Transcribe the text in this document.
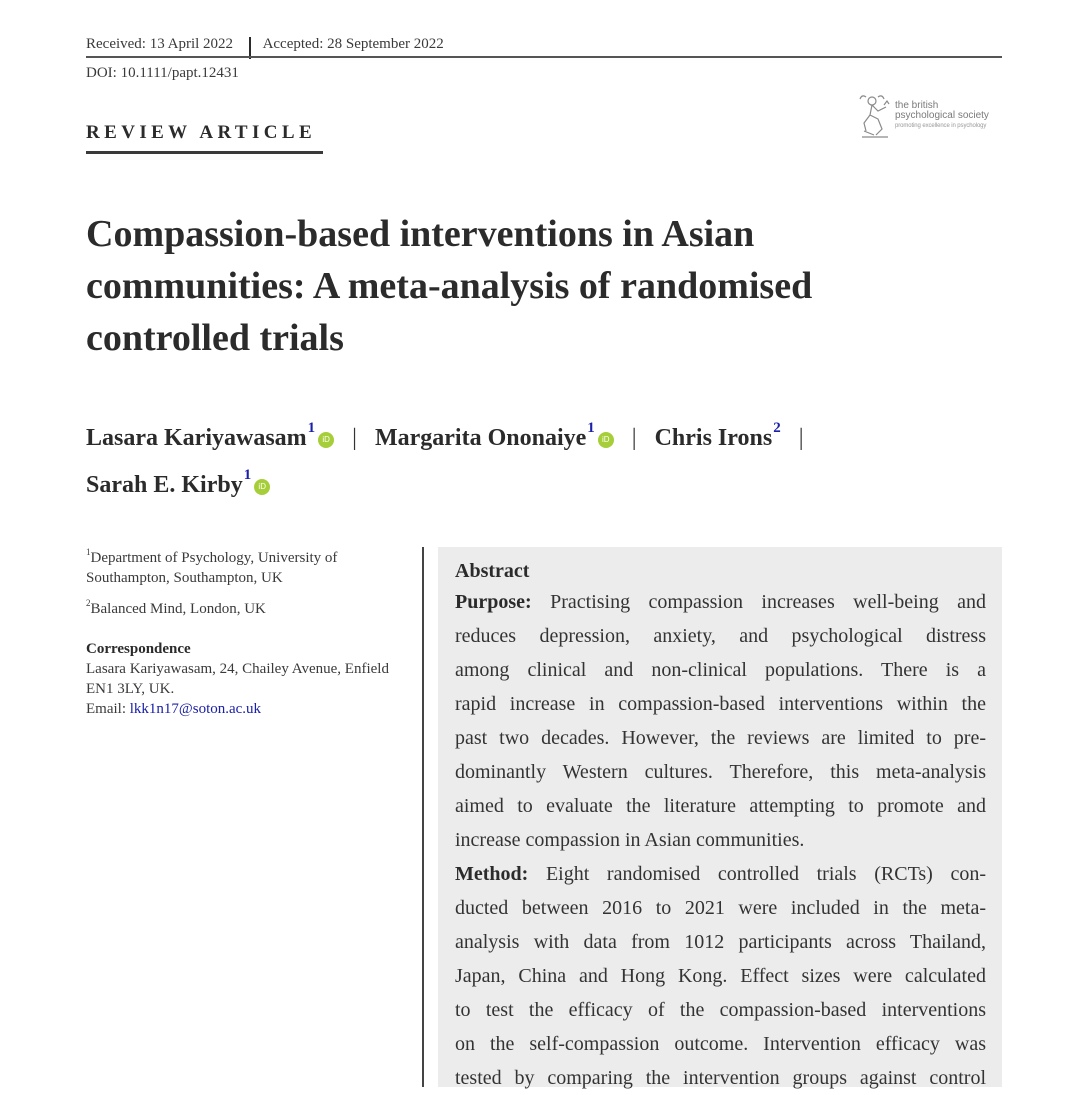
Received: 13 April 2022 Accepted: 28 September 2022
DOI: 10.1111/papt.12431
the british
psychological society
promoting excellence in psychology
REVIEW ARTICLE
Compassion-based interventions in Asian communities: A meta-analysis of randomised controlled trials
Lasara Kariyawasam$^1$iD | Margarita Ononaiye$^1$iD | Chris Irons$^2$ |
Sarah E. Kirby$^1$iD
$^1$Department of Psychology, University of Southampton, Southampton, UK
$^2$Balanced Mind, London, UK
Correspondence
Lasara Kariyawasam, 24, Chailey Avenue, Enfield
EN1 3LY, UK.
Email: lkk1n17@soton.ac.uk
Abstract
Purpose: Practising compassion increases well-being and
reduces depression, anxiety, and psychological distress
among clinical and non-clinical populations. There is a
rapid increase in compassion-based interventions within the
past two decades. However, the reviews are limited to pre-
dominantly Western cultures. Therefore, this meta-analysis
aimed to evaluate the literature attempting to promote and
increase compassion in Asian communities.
Method: Eight randomised controlled trials (RCTs) con-
ducted between 2016 to 2021 were included in the meta-
analysis with data from 1012 participants across Thailand,
Japan, China and Hong Kong. Effect sizes were calculated
to test the efficacy of the compassion-based interventions
on the self-compassion outcome. Intervention efficacy was
tested by comparing the intervention groups against control
